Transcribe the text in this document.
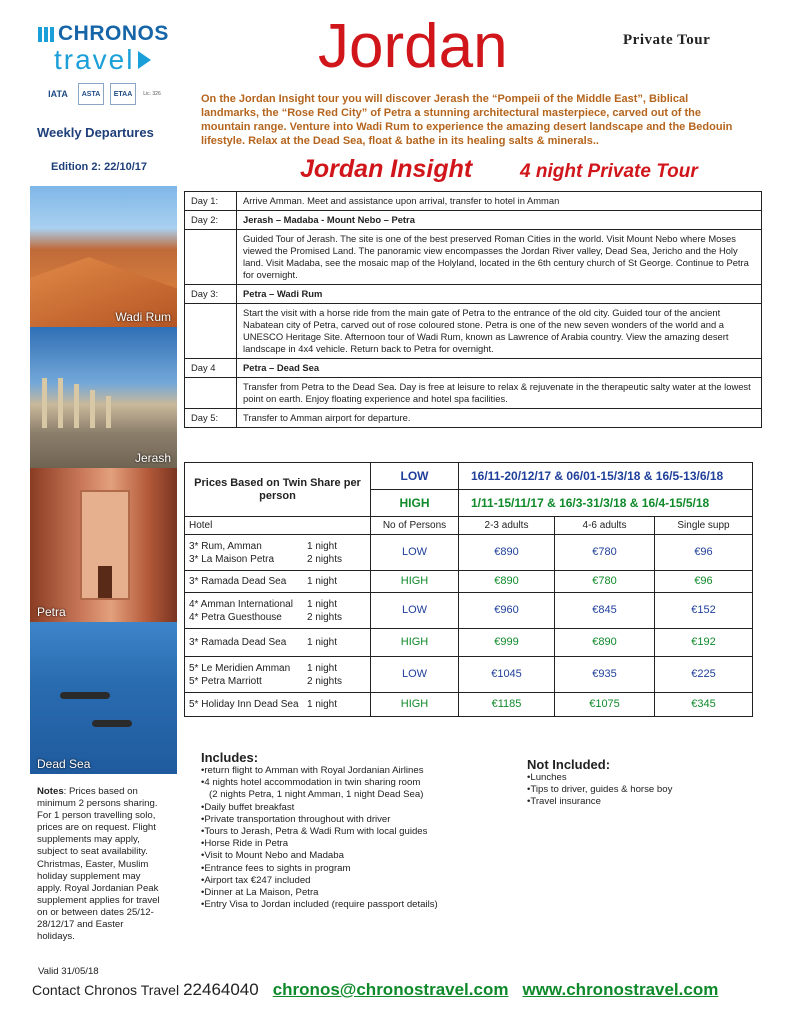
CHRONOS
travel
IATA	ASTA	ETAA	Lic. 326
Jordan	Private Tour
On the Jordan Insight tour you will discover Jerash the “Pompeii of the Middle East”, Biblical landmarks, the “Rose Red City” of Petra a stunning architectural masterpiece, carved out of the mountain range. Venture into Wadi Rum to experience the amazing desert landscape and the Bedouin lifestyle. Relax at the Dead Sea, float & bathe in its healing salts & minerals..
Weekly Departures
Edition 2: 22/10/17	Jordan Insight	4 night Private Tour
Wadi Rum
Jerash
Petra
Dead Sea
Day 1:	Arrive Amman. Meet and assistance upon arrival, transfer to hotel in Amman
Day 2:	Jerash – Madaba - Mount Nebo – Petra
	Guided Tour of Jerash. The site is one of the best preserved Roman Cities in the world. Visit Mount Nebo where Moses viewed the Promised Land. The panoramic view encompasses the Jordan River valley, Dead Sea, Jericho and the Holy land. Visit Madaba, see the mosaic map of the Holyland, located in the 6th century church of St George. Continue to Petra for overnight.
Day 3:	Petra – Wadi Rum
	Start the visit with a horse ride from the main gate of Petra to the entrance of the old city. Guided tour of the ancient Nabatean city of Petra, carved out of rose coloured stone. Petra is one of the new seven wonders of the world and a UNESCO Heritage Site. Afternoon tour of Wadi Rum, known as Lawrence of Arabia country. View the amazing desert landscape in 4x4 vehicle. Return back to Petra for overnight.
Day 4	Petra – Dead Sea
	Transfer from Petra to the Dead Sea. Day is free at leisure to relax & rejuvenate in the therapeutic salty water at the lowest point on earth. Enjoy floating experience and hotel spa facilities.
Day 5:	Transfer to Amman airport for departure.
Prices Based on Twin Share per person	LOW	16/11-20/12/17 & 06/01-15/3/18 & 16/5-13/6/18		
	HIGH	1/11-15/11/17 & 16/3-31/3/18 & 16/4-15/5/18		
Hotel	No of Persons	2-3 adults	4-6 adults	Single supp

3* Rum, Amman 1 night
3* La Maison Petra 2 nights	LOW	€890	€780	€96

3* Ramada Dead Sea 1 night	HIGH	€890	€780	€96

4* Amman International 1 night
4* Petra Guesthouse 2 nights	LOW	€960	€845	€152

3* Ramada Dead Sea 1 night	HIGH	€999	€890	€192

5* Le Meridien Amman 1 night
5* Petra Marriott 2 nights	LOW	€1045	€935	€225

5* Holiday Inn Dead Sea 1 night	HIGH	€1185	€1075	€345
Includes:
• return flight to Amman with Royal Jordanian Airlines
• 4 nights hotel accommodation in twin sharing room
(2 nights Petra, 1 night Amman, 1 night Dead Sea)
• Daily buffet breakfast
• Private transportation throughout with driver
• Tours to Jerash, Petra & Wadi Rum with local guides
• Horse Ride in Petra
• Visit to Mount Nebo and Madaba
• Entrance fees to sights in program
• Airport tax €247 included
• Dinner at La Maison, Petra
• Entry Visa to Jordan included (require passport details)
Not Included:
• Lunches
• Tips to driver, guides & horse boy
• Travel insurance
Notes: Prices based on minimum 2 persons sharing. For 1 person travelling solo, prices are on request. Flight supplements may apply, subject to seat availability. Christmas, Easter, Muslim holiday supplement may apply. Royal Jordanian Peak supplement applies for travel on or between dates 25/12-28/12/17 and Easter holidays.
Valid 31/05/18
Contact Chronos Travel 22464040 chronos@chronostravel.com www.chronostravel.com
